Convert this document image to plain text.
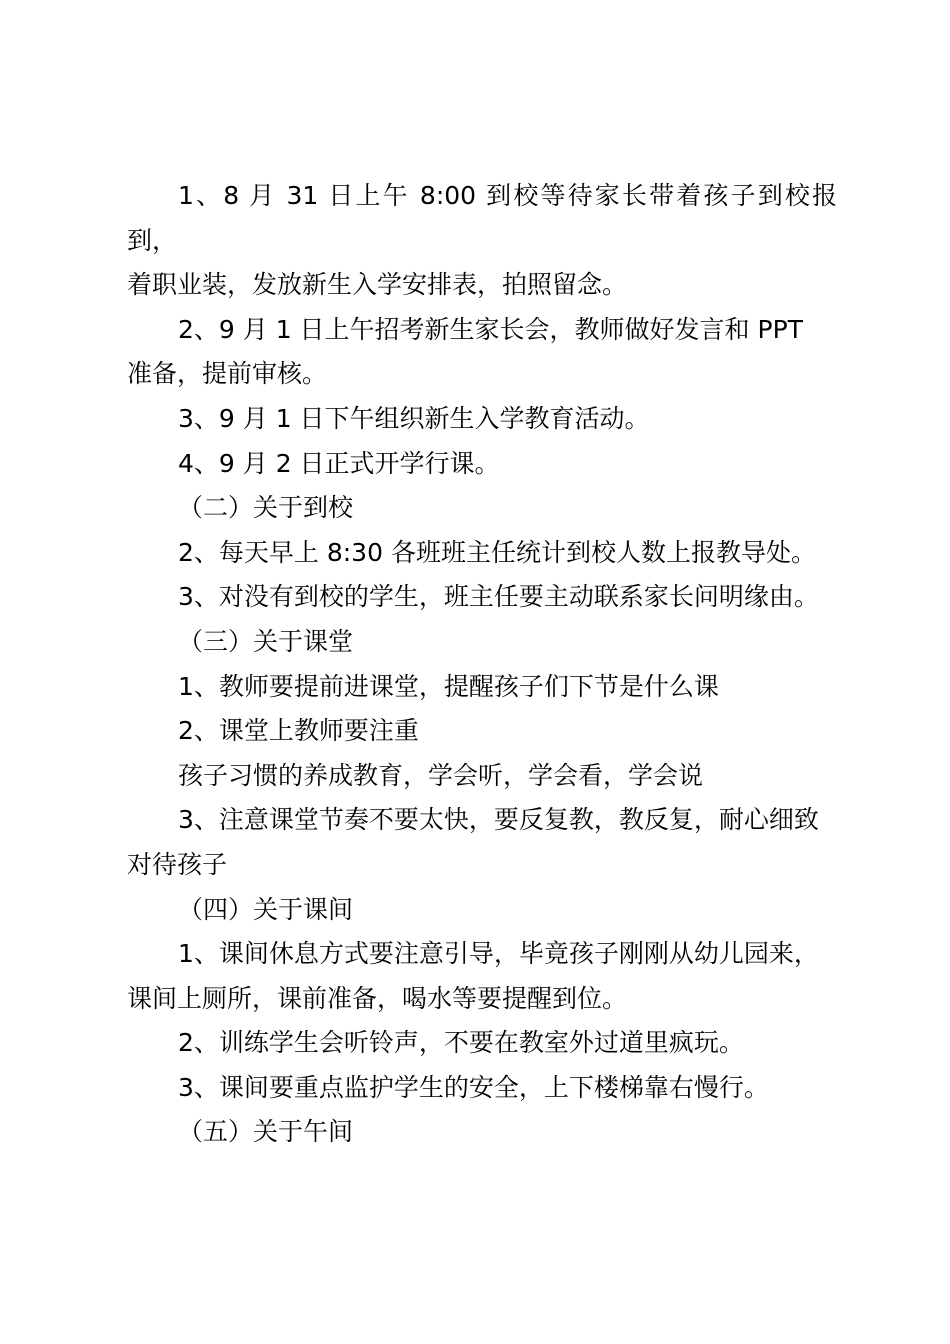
1、8 月 31 日上午 8:00 到校等待家长带着孩子到校报到，
着职业装，发放新生入学安排表，拍照留念。

2、9 月 1 日上午招考新生家长会，教师做好发言和 PPT
准备，提前审核。

3、9 月 1 日下午组织新生入学教育活动。

4、9 月 2 日正式开学行课。

（二）关于到校

2、每天早上 8:30 各班班主任统计到校人数上报教导处。

3、对没有到校的学生，班主任要主动联系家长问明缘由。

（三）关于课堂

1、教师要提前进课堂，提醒孩子们下节是什么课

2、课堂上教师要注重

孩子习惯的养成教育，学会听，学会看，学会说

3、注意课堂节奏不要太快，要反复教，教反复，耐心细致
对待孩子

（四）关于课间

1、课间休息方式要注意引导，毕竟孩子刚刚从幼儿园来，
课间上厕所，课前准备，喝水等要提醒到位。

2、训练学生会听铃声，不要在教室外过道里疯玩。

3、课间要重点监护学生的安全，上下楼梯靠右慢行。

（五）关于午间
